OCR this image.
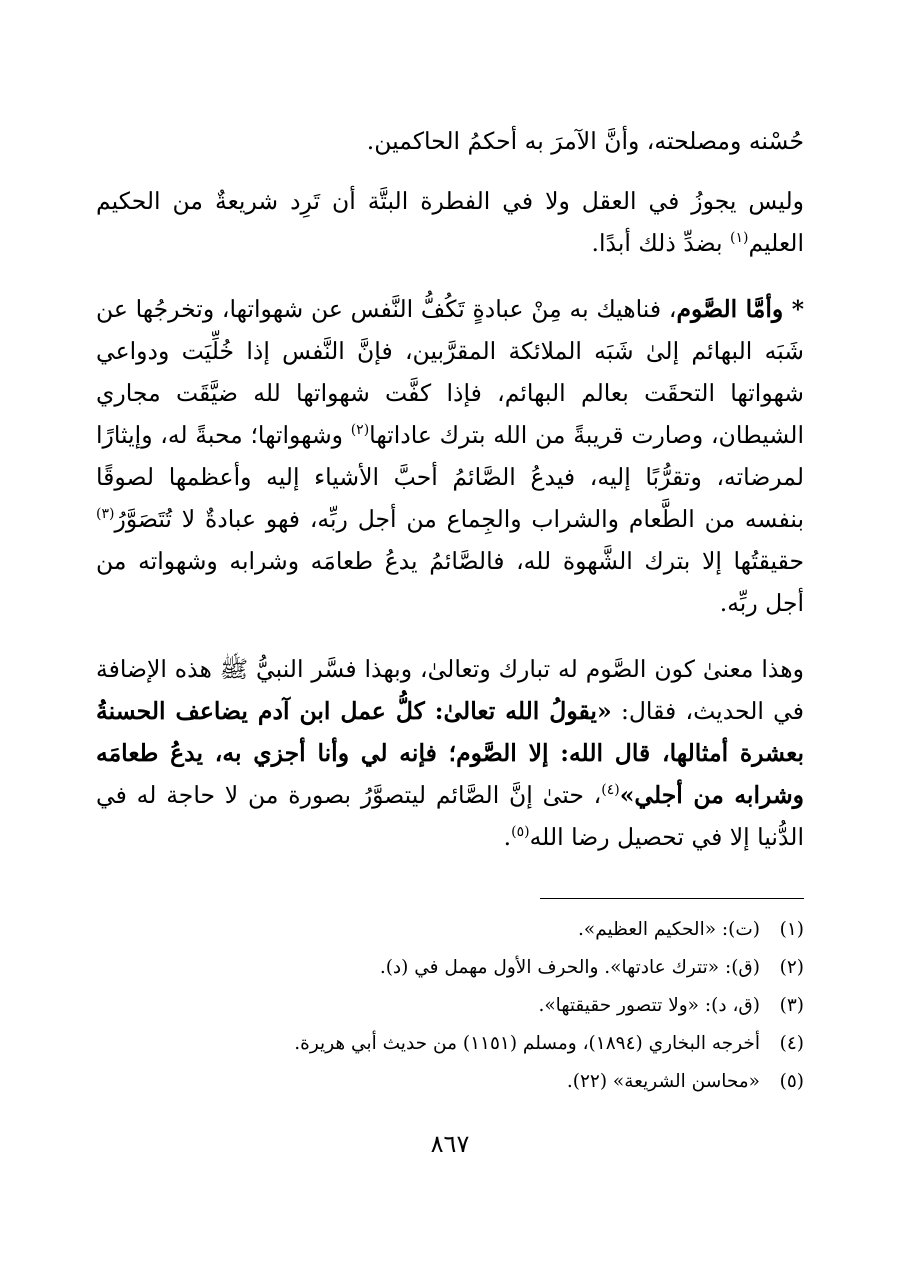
حُسْنه ومصلحته، وأنَّ الآمرَ به أحكمُ الحاكمين.

وليس يجوزُ في العقل ولا في الفطرة البتَّة أن تَرِد شريعةٌ من الحكيم العليم$^{(١)}$ بضدِّ ذلك أبدًا.

* وأمَّا الصَّوم، فناهيك به مِنْ عبادةٍ تَكُفُّ النَّفس عن شهواتها، وتخرجُها عن شَبَه البهائم إلىٰ شَبَه الملائكة المقرَّبين، فإنَّ النَّفس إذا خُلِّيَت ودواعي شهواتها التحقَت بعالم البهائم، فإذا كفَّت شهواتها لله ضيَّقَت مجاري الشيطان، وصارت قريبةً من الله بترك عاداتها$^{(٢)}$ وشهواتها؛ محبةً له، وإيثارًا لمرضاته، وتقرُّبًا إليه، فيدعُ الصَّائمُ أحبَّ الأشياء إليه وأعظمها لصوقًا بنفسه من الطَّعام والشراب والجِماع من أجل ربِّه، فهو عبادةٌ لا تُتَصَوَّرُ$^{(٣)}$ حقيقتُها إلا بترك الشَّهوة لله، فالصَّائمُ يدعُ طعامَه وشرابه وشهواته من أجل ربِّه.

وهذا معنىٰ كون الصَّوم له تبارك وتعالىٰ، وبهذا فسَّر النبيُّ ﷺ هذه الإضافة في الحديث، فقال: «يقولُ الله تعالىٰ: كلُّ عمل ابن آدم يضاعف الحسنةُ بعشرة أمثالها، قال الله: إلا الصَّوم؛ فإنه لي وأنا أجزي به، يدعُ طعامَه وشرابه من أجلي»$^{(٤)}$، حتىٰ إنَّ الصَّائم ليتصوَّرُ بصورة من لا حاجة له في الدُّنيا إلا في تحصيل رضا الله$^{(٥)}$.

(١)
(ت): «الحكيم العظيم».
(٢)
(ق): «تترك عادتها». والحرف الأول مهمل في (د).
(٣)
(ق، د): «ولا تتصور حقيقتها».
(٤)
أخرجه البخاري (١٨٩٤)، ومسلم (١١٥١) من حديث أبي هريرة.
(٥)
«محاسن الشريعة» (٢٢).
٨٦٧
